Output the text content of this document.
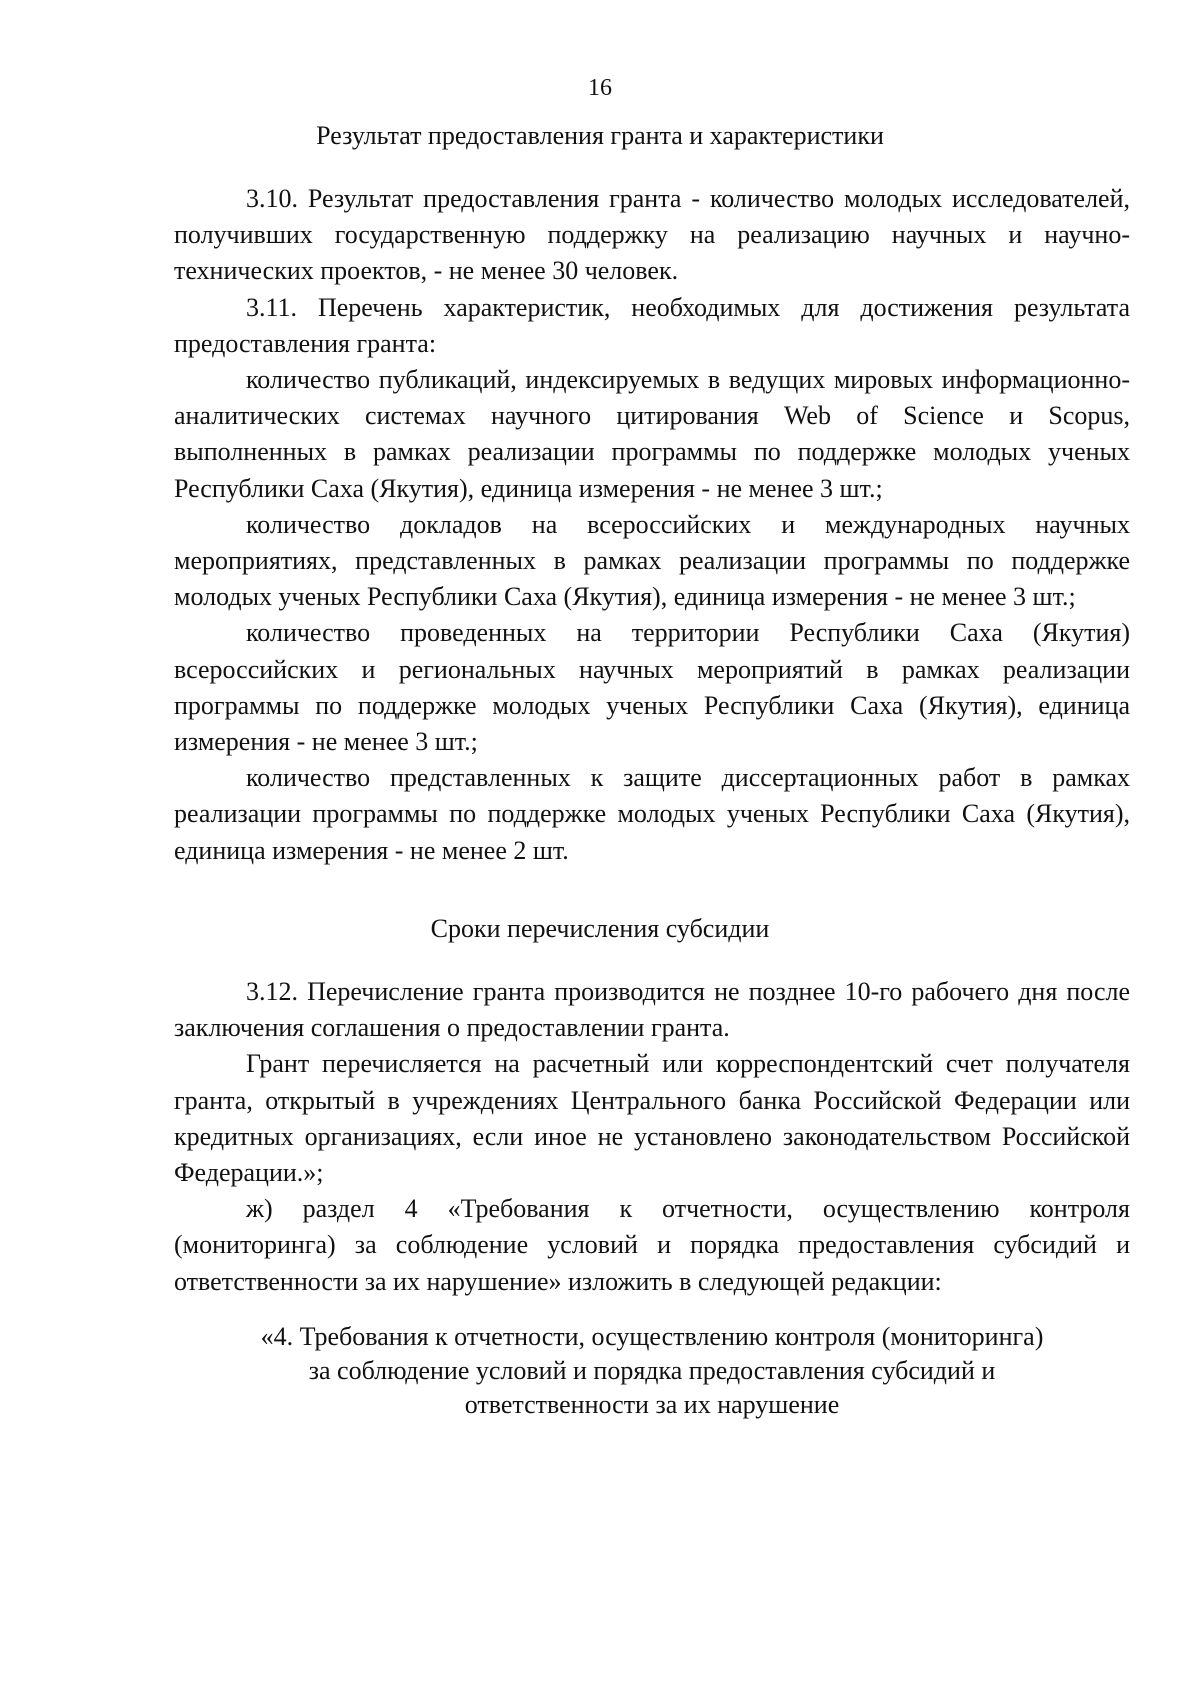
16
Результат предоставления гранта и характеристики

3.10. Результат предоставления гранта - количество молодых исследователей, получивших государственную поддержку на реализацию научных и научно-технических проектов, - не менее 30 человек.

3.11. Перечень характеристик, необходимых для достижения результата предоставления гранта:

количество публикаций, индексируемых в ведущих мировых информационно-аналитических системах научного цитирования Web of Science и Scopus, выполненных в рамках реализации программы по поддержке молодых ученых Республики Саха (Якутия), единица измерения - не менее 3 шт.;

количество докладов на всероссийских и международных научных мероприятиях, представленных в рамках реализации программы по поддержке молодых ученых Республики Саха (Якутия), единица измерения - не менее 3 шт.;

количество проведенных на территории Республики Саха (Якутия) всероссийских и региональных научных мероприятий в рамках реализации программы по поддержке молодых ученых Республики Саха (Якутия), единица измерения - не менее 3 шт.;

количество представленных к защите диссертационных работ в рамках реализации программы по поддержке молодых ученых Республики Саха (Якутия), единица измерения - не менее 2 шт.

Сроки перечисления субсидии

3.12. Перечисление гранта производится не позднее 10-го рабочего дня после заключения соглашения о предоставлении гранта.

Грант перечисляется на расчетный или корреспондентский счет получателя гранта, открытый в учреждениях Центрального банка Российской Федерации или кредитных организациях, если иное не установлено законодательством Российской Федерации.»;

ж) раздел 4 «Требования к отчетности, осуществлению контроля (мониторинга) за соблюдение условий и порядка предоставления субсидий и ответственности за их нарушение» изложить в следующей редакции:

«4. Требования к отчетности, осуществлению контроля (мониторинга)
за соблюдение условий и порядка предоставления субсидий и
ответственности за их нарушение
